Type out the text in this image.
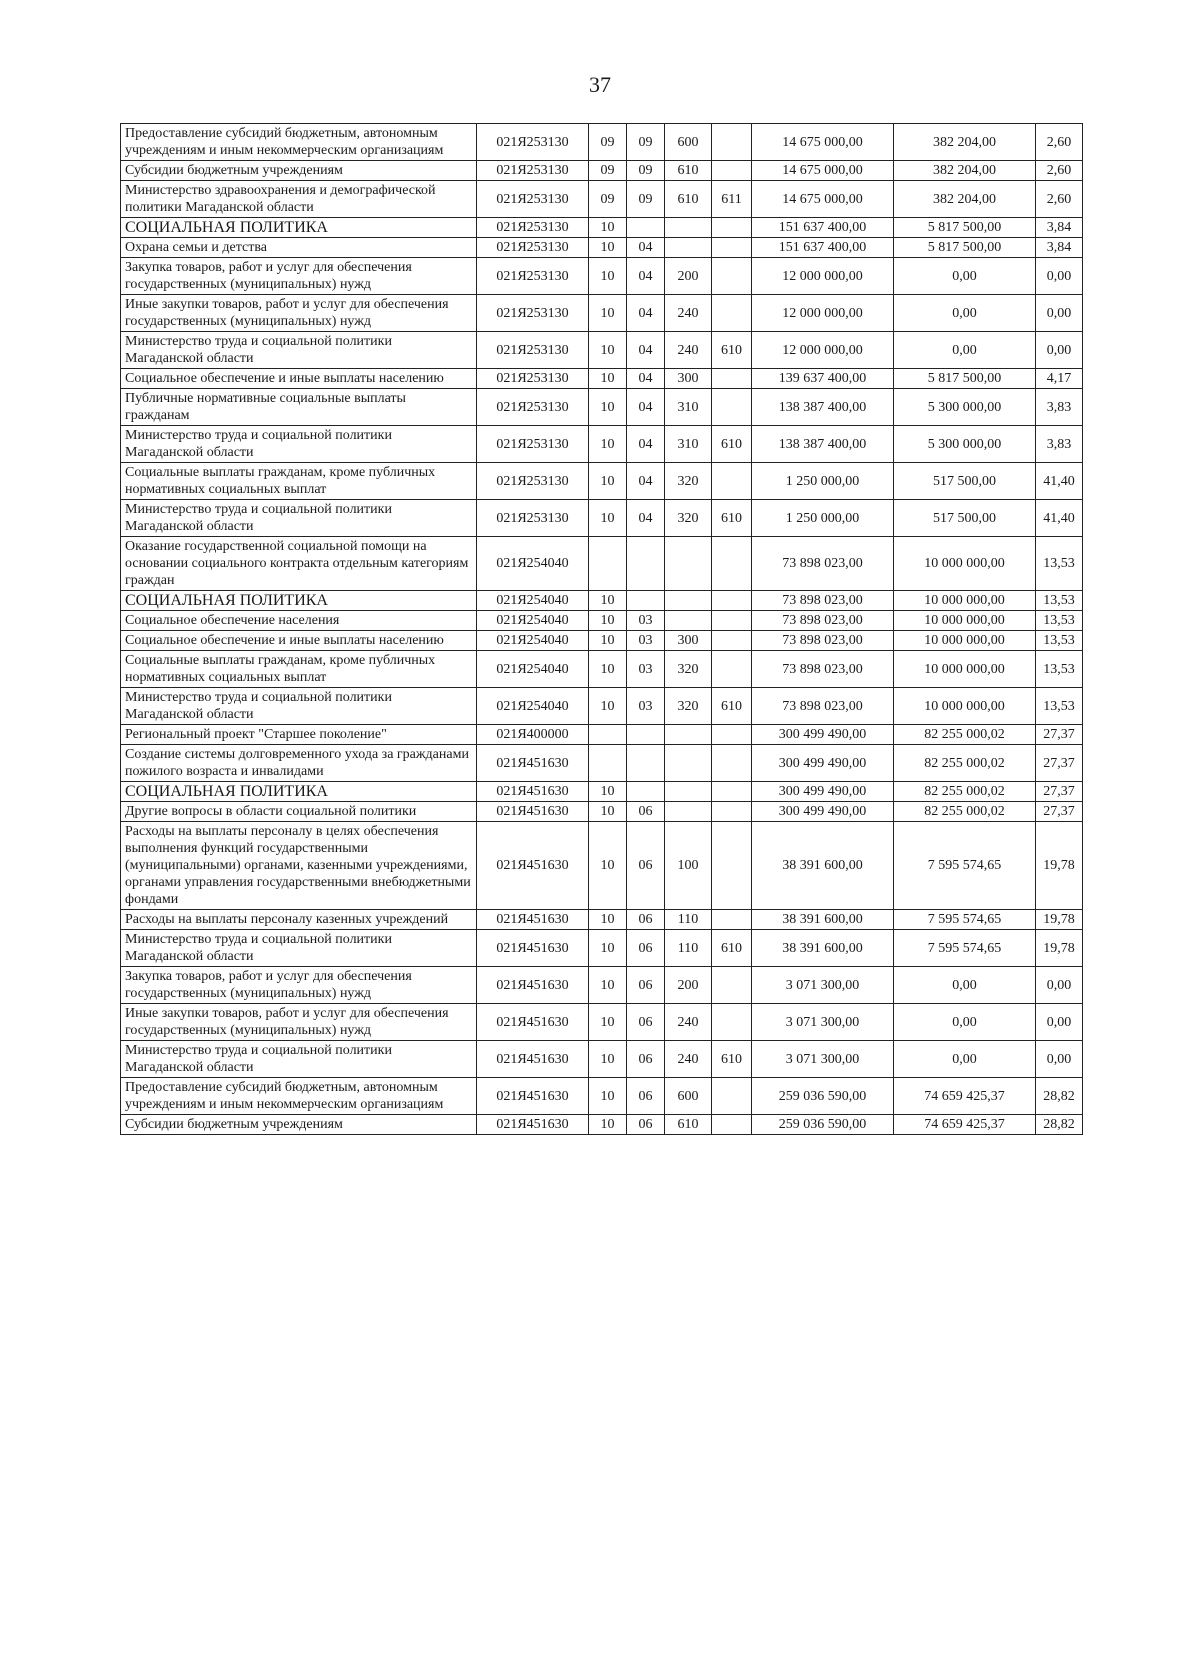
37
Предоставление субсидий бюджетным, автономным учреждениям и иным некоммерческим организациям	021Я253130	09	09	600		14 675 000,00	382 204,00	2,60
Субсидии бюджетным учреждениям	021Я253130	09	09	610		14 675 000,00	382 204,00	2,60
Министерство здравоохранения и демографической политики Магаданской области	021Я253130	09	09	610	611	14 675 000,00	382 204,00	2,60
СОЦИАЛЬНАЯ ПОЛИТИКА	021Я253130	10				151 637 400,00	5 817 500,00	3,84
Охрана семьи и детства	021Я253130	10	04			151 637 400,00	5 817 500,00	3,84
Закупка товаров, работ и услуг для обеспечения государственных (муниципальных) нужд	021Я253130	10	04	200		12 000 000,00	0,00	0,00
Иные закупки товаров, работ и услуг для обеспечения государственных (муниципальных) нужд	021Я253130	10	04	240		12 000 000,00	0,00	0,00
Министерство труда и социальной политики Магаданской области	021Я253130	10	04	240	610	12 000 000,00	0,00	0,00
Социальное обеспечение и иные выплаты населению	021Я253130	10	04	300		139 637 400,00	5 817 500,00	4,17
Публичные нормативные социальные выплаты гражданам	021Я253130	10	04	310		138 387 400,00	5 300 000,00	3,83
Министерство труда и социальной политики Магаданской области	021Я253130	10	04	310	610	138 387 400,00	5 300 000,00	3,83
Социальные выплаты гражданам, кроме публичных нормативных социальных выплат	021Я253130	10	04	320		1 250 000,00	517 500,00	41,40
Министерство труда и социальной политики Магаданской области	021Я253130	10	04	320	610	1 250 000,00	517 500,00	41,40
Оказание государственной социальной помощи на основании социального контракта отдельным категориям граждан	021Я254040					73 898 023,00	10 000 000,00	13,53
СОЦИАЛЬНАЯ ПОЛИТИКА	021Я254040	10				73 898 023,00	10 000 000,00	13,53
Социальное обеспечение населения	021Я254040	10	03			73 898 023,00	10 000 000,00	13,53
Социальное обеспечение и иные выплаты населению	021Я254040	10	03	300		73 898 023,00	10 000 000,00	13,53
Социальные выплаты гражданам, кроме публичных нормативных социальных выплат	021Я254040	10	03	320		73 898 023,00	10 000 000,00	13,53
Министерство труда и социальной политики Магаданской области	021Я254040	10	03	320	610	73 898 023,00	10 000 000,00	13,53
Региональный проект "Старшее поколение"	021Я400000					300 499 490,00	82 255 000,02	27,37
Создание системы долговременного ухода за гражданами пожилого возраста и инвалидами	021Я451630					300 499 490,00	82 255 000,02	27,37
СОЦИАЛЬНАЯ ПОЛИТИКА	021Я451630	10				300 499 490,00	82 255 000,02	27,37
Другие вопросы в области социальной политики	021Я451630	10	06			300 499 490,00	82 255 000,02	27,37
Расходы на выплаты персоналу в целях обеспечения выполнения функций государственными (муниципальными) органами, казенными учреждениями, органами управления государственными внебюджетными фондами	021Я451630	10	06	100		38 391 600,00	7 595 574,65	19,78
Расходы на выплаты персоналу казенных учреждений	021Я451630	10	06	110		38 391 600,00	7 595 574,65	19,78
Министерство труда и социальной политики Магаданской области	021Я451630	10	06	110	610	38 391 600,00	7 595 574,65	19,78
Закупка товаров, работ и услуг для обеспечения государственных (муниципальных) нужд	021Я451630	10	06	200		3 071 300,00	0,00	0,00
Иные закупки товаров, работ и услуг для обеспечения государственных (муниципальных) нужд	021Я451630	10	06	240		3 071 300,00	0,00	0,00
Министерство труда и социальной политики Магаданской области	021Я451630	10	06	240	610	3 071 300,00	0,00	0,00
Предоставление субсидий бюджетным, автономным учреждениям и иным некоммерческим организациям	021Я451630	10	06	600		259 036 590,00	74 659 425,37	28,82
Субсидии бюджетным учреждениям	021Я451630	10	06	610		259 036 590,00	74 659 425,37	28,82
